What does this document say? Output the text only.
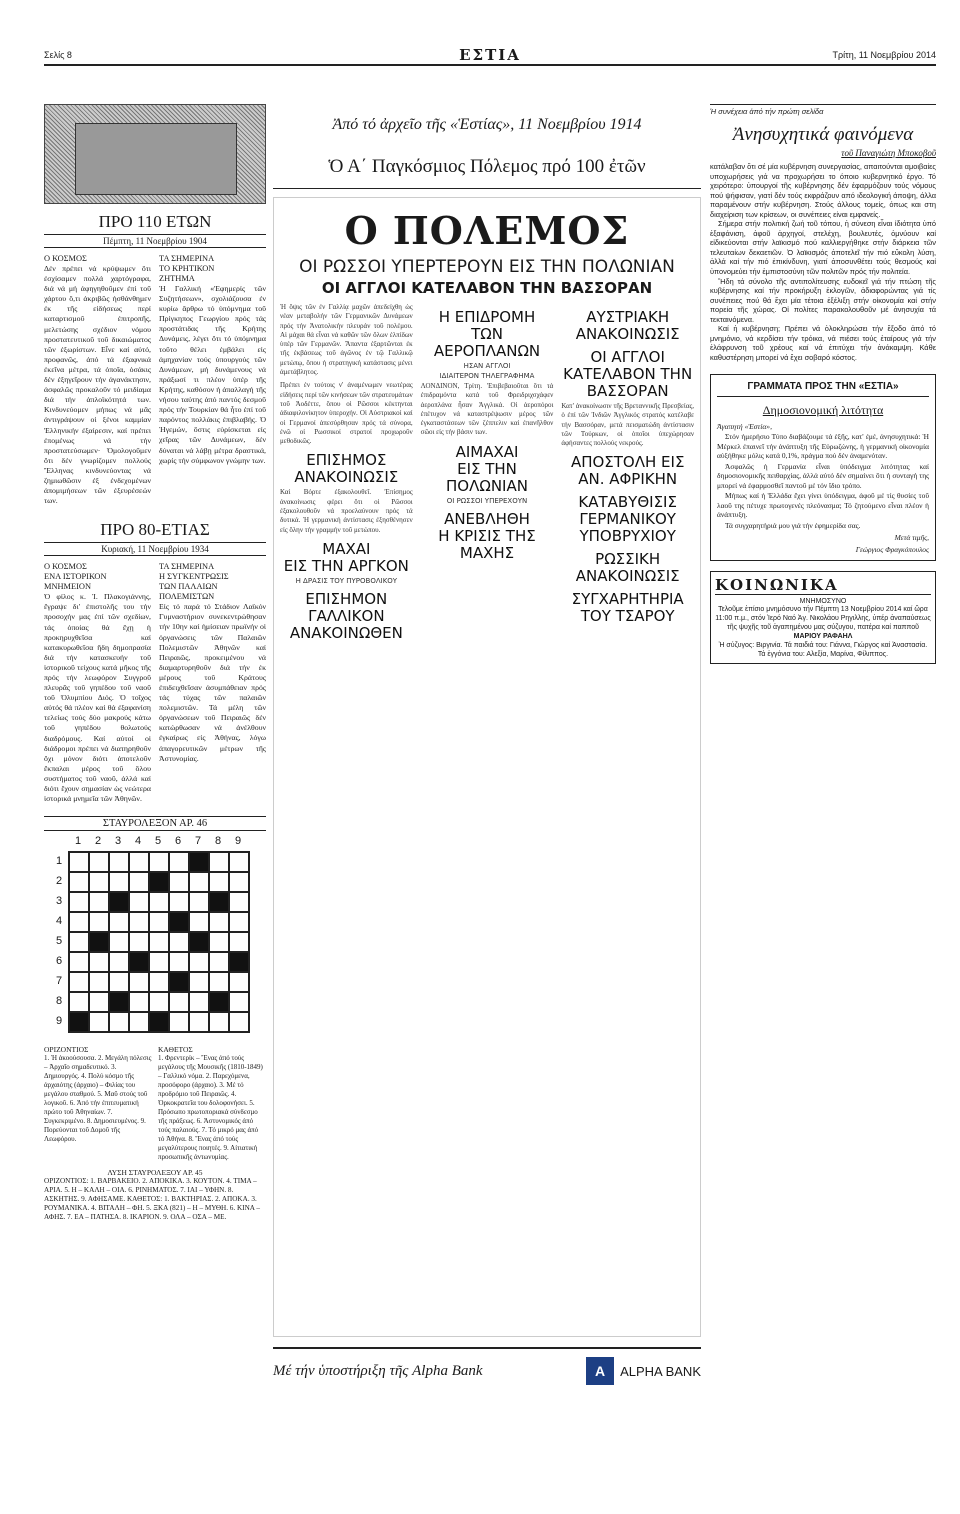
Σελίς 8	ΕΣΤΙΑ	Τρίτη, 11 Νοεμβρίου 2014
ΠΡΟ 110 ΕΤΩΝ
Πέμπτη, 11 Νοεμβρίου 1904
Ο ΚΟΣΜΟΣ

Δέν πρέπει νά κρύψωμεν ὅτι ἐσχίσαμεν πολλά χαρτόγραφα, διά νά μή ἀφηγηθοῦμεν ἐπί τοῦ χάρτου ὅ,τι ἀκριβῶς ἠσθάνθημεν ἐκ τῆς εἰδήσεως περί καταρτισμοῦ ἐπιτροπῆς, μελετώσης σχέδιον νόμου προστατευτικοῦ τοῦ δικαιώματος τῶν ἐξωρίστων. Εἶνε καί αὐτό, προφανῶς, ἀπό τά ἐξαφνικά ἐκεῖνα μέτρα, τά ὁποῖα, ὁσάκις δέν ἐξηγεῖρουν τήν ἀγανάκτησιν, ἀσφαλῶς προκαλοῦν τό μειδίαμα διά τήν ἀπλοϊκότητά των. Κινδυνεύομεν μήπως νά μᾶς ἀντιγράψουν οἱ ξένοι καμμίαν Ἑλληνικήν ἐξαίρεσιν, καί πρέπει ἐπομένως νά τήν προστατεύσωμεν· Ὁμολογοῦμεν ὅτι δέν γνωρίζομεν πολλούς Ἕλληνας κινδυνεύοντας νά ζημιωθῶσιν ἐξ ἐνδεχομένων ἀπομιμήσεων τῶν ἐξευρέσεών των.

ΤΑ ΣΗΜΕΡΙΝΑ
ΤΟ ΚΡΗΤΙΚΟΝ
ΖΗΤΗΜΑ

Ἡ Γαλλική «Ἐφημερίς τῶν Συζητήσεων», σχολιάζουσα ἐν κυρίω ἄρθρω τό ὑπόμνημα τοῦ Πρίγκηπος Γεωργίου πρός τάς προστάτιδας τῆς Κρήτης Δυνάμεις, λέγει ὅτι τό ὑπόμνημα τοῦτο θέλει ἐμβάλει εἰς ἀμηχανίαν τούς ὑπουργούς τῶν Δυνάμεων, μή δυνάμενους νά πράξωσί τι πλέον ὑπέρ τῆς Κρήτης, καθόσον ἡ ἀπαλλαγή τῆς νήσου ταύτης ἀπό παντός δεσμοῦ πρός τήν Τουρκίαν θά ἦτο ἐπί τοῦ παρόντος πολλάκις ἐπιβλαβής. Ὁ Ἡγεμών, ὅστις εὑρίσκεται εἰς χεῖρας τῶν Δυνάμεων, δέν δύναται νά λάβῃ μέτρα δραστικά, χωρίς τήν σύμφωνον γνώμην των.

ΠΡΟ 80-ΕΤΙΑΣ
Κυριακή, 11 Νοεμβρίου 1934
Ο ΚΟΣΜΟΣ
ΕΝΑ ΙΣΤΟΡΙΚΟΝ
ΜΝΗΜΕΙΟΝ

Ὁ φίλος κ. Ἰ. Πλακογιάννης, ἔγραψε δι' ἐπιστολῆς του τήν προσοχήν μας ἐπί τῶν σχεδίων, τάς ὁποίας θά ἔχῃ ἡ προκηρυχθεῖσα καί κατακυρωθεῖσα ἤδη δημοπρασία διά τήν κατασκευήν τοῦ ἱστορικοῦ τείχους κατά μῆκος τῆς πρός τήν λεωφόρον Συγγροῦ πλευρᾶς τοῦ γηπέδου τοῦ ναοῦ τοῦ Ὀλυμπίου Διός. Ὁ τοῖχος αὐτός θά πλέον καί θά ἐξαφανίση τελείως τούς δύο μακρούς κάτω τοῦ γηπέδου θολωτούς διαδρόμους. Καί αὐτοί οἱ διάδρομοι πρέπει νά διατηρηθοῦν ὄχι μόνον διότι ἀποτελοῦν ἔκπαλαι μέρος τοῦ ὅλου συστήματος τοῦ ναοῦ, ἀλλά καί διότι ἔχουν σημασίαν ὡς νεώτερα ἱστορικά μνημεῖα τῶν Ἀθηνῶν.

ΤΑ ΣΗΜΕΡΙΝΑ
Η ΣΥΓΚΕΝΤΡΩΣΙΣ
ΤΩΝ ΠΑΛΑΙΩΝ
ΠΟΛΕΜΙΣΤΩΝ

Εἰς τό παρά τό Στάδιον Λαϊκόν Γυμναστήριον συνεκεντρώθησαν τήν 10ην καί ἡμίσειαν πρωϊνήν οἱ ὀργανώσεις τῶν Παλαιῶν Πολεμιστῶν Ἀθηνῶν καί Πειραιῶς, προκειμένου νά διαμαρτυρηθοῦν διά τήν ἐκ μέρους τοῦ Κράτους ἐπιδειχθεῖσαν ἀσυμπάθειαν πρός τάς τύχας τῶν παλαιῶν πολεμιστῶν. Τά μέλη τῶν ὀργανώσεων τοῦ Πειραιῶς δέν κατώρθωσαν νά ἀνέλθουν ἐγκαίρως εἰς Ἀθήνας, λόγω ἀπαγορευτικῶν μέτρων τῆς Ἀστυνομίας.

ΣΤΑΥΡΟΛΕΞΟΝ ΑΡ. 46
1	2	3	4	5	6	7	8	9
1
2
3
4
5
6
7
8
9
ΟΡΙΖΟΝΤΙΟΣ

1. Ἡ ἀκοούσουσα. 2. Μεγάλη πόλεσις – Ἀρχαῖο σημαδευτικό. 3. Δημιουργός. 4. Πολύ κόσμο τῆς ἀρχαιότης (ἀρχαιο) – Φιλίας του μεγάλου σταθμού. 5. Μαῦ στούς τοῦ λογικοῦ. 6. Ἀπό τήν ἐπιτευματική πρώτο τοῦ Ἀθηναίων. 7. Συγκεκριμένο. 8. Δημοσιευμένος. 9. Πορεύονται τοῦ Δομοῦ τῆς Λεωφόρου.

ΚΑΘΕΤΟΣ

1. Φρεντερίκ – Ἔνας ἀπό τούς μεγάλους τῆς Μουσικῆς (1810-1849) – Γαλλικό νόμα. 2. Παρεχόμενα, προσόφορο (ἀρχαιο). 3. Μέ τό προδρόμιο τοῦ Πειραιῶς. 4. Ὁρκοκρατεῖα του δολοφονήσει. 5. Πρόσωπο πρωτοποριακά σύνδεσμο τῆς πράξεως. 6. Ἀστυνομικός ἀπό τούς παλαιούς. 7. Τό μικρό μας ἀπό τό Ἀθήνα. 8. Ἕνας ἀπό τούς μεγαλύτερους ποιητές. 9. Αἰτιατική προσωπικῆς ἀντωνυμίας.

ΛΥΣΗ ΣΤΑΥΡΟΛΕΞΟΥ ΑΡ. 45

ΟΡΙΖΟΝΤΙΟΣ: 1. ΒΑΡΒΑΚΕΙΟ. 2. ΑΠΟΚΙΚΑ. 3. ΚΟΥΤΟΝ. 4. ΤΙΜΑ – ΑΡΙΑ. 5. Η – ΚΑΛΗ – ΟΙΑ. 6. ΡΙΝΗΜΑΤΟΣ. 7. ΙΑΙ – ΥΦΗΝ. 8. ΑΣΚΗΤΗΣ. 9. ΑΦΗΣΑΜΕ. ΚΑΘΕΤΟΣ: 1. ΒΑΚΤΗΡΙΑΣ. 2. ΑΠΟΚΑ. 3. ΡΟΥΜΑΝΙΚΑ. 4. ΒΙΤΑΛΗ – ΦΗ. 5. ΞΚΑ (821) – Η – ΜΥΘΗ. 6. ΚΙΝΑ – ΑΦΗΣ. 7. ΕΑ – ΠΑΤΗΣΑ. 8. ΙΚΑΡΙΟΝ. 9. ΟΛΑ – ΟΣΑ – ΜΕ.

Ἀπό τό ἀρχεῖο τῆς «Ἑστίας», 11 Νοεμβρίου 1914
Ὁ Α΄ Παγκόσμιος Πόλεμος πρό 100 ἐτῶν
Ο ΠΟΛΕΜΟΣ
ΟΙ ΡΩΣΣΟΙ ΥΠΕΡΤΕΡΟΥΝ ΕΙΣ ΤΗΝ ΠΟΛΩΝΙΑΝ
ΟΙ ΑΓΓΛΟΙ ΚΑΤΕΛΑΒΟΝ ΤΗΝ ΒΑΣΣΟΡΑΝ

Ἡ ὄψις τῶν ἐν Γαλλίᾳ μαχῶν ἀπεδείχθη ὡς νέαν μεταβολήν τῶν Γερμανικῶν Δυνάμεων πρός τήν Ἀνατολικήν πλευράν τοῦ πολέμου. Αἱ μάχαι θά εἶναι νά καθῶν τῶν ὅλων ἐλπίδων ὑπέρ τῶν Γερμανῶν. Ἄπαντα ἐξαρτῶνται ἐκ τῆς ἐκβάσεως τοῦ ἀγῶνος ἐν τῷ Γαλλικῷ μετώπῳ, ὅπου ἡ στρατηγική κατάστασις μένει ἀμετάβλητος.

Πρέπει ἐν τούτοις ν' ἀναμένωμεν νεωτέρας εἰδήσεις περί τῶν κινήσεων τῶν στρατευμάτων τοῦ Ἀοδέττε, ὅπου οἱ Ρῶσσοι κέκτηνται ἀδιαφιλονίκητον ὑπεροχήν. Οἱ Αὐστριακοί καί οἱ Γερμανοί ἀπεσύρθησαν πρός τά σύνορα, ἐνῶ οἱ Ρωσσικοί στρατοί προχωροῦν μεθοδικῶς.

ΕΠΙΣΗΜΟΣ ΑΝΑΚΟΙΝΩΣΙΣ

Καί Βόρτε ἐξακολουθεῖ. Ἐπίσημος ἀνακοίνωσις φέρει ὅτι οἱ Ρῶσσοι ἐξακολουθοῦν νά προελαύνουν πρός τά δυτικά. Ἡ γερμανική ἀντίστασις ἐξησθένησεν εἰς ὅλην τήν γραμμήν τοῦ μετώπου.

ΜΑΧΑΙ
ΕΙΣ ΤΗΝ ΑΡΓΚΟΝ
Η ΔΡΑΣΙΣ ΤΟΥ ΠΥΡΟΒΟΛΙΚΟΥ
ΕΠΙΣΗΜΟΝ
ΓΑΛΛΙΚΟΝ ΑΝΑΚΟΙΝΩΘΕΝ
Η ΕΠΙΔΡΟΜΗ
ΤΩΝ ΑΕΡΟΠΛΑΝΩΝ
ΗΣΑΝ ΑΓΓΛΟΙ
ΙΔΙΑΙΤΕΡΟΝ ΤΗΛΕΓΡΑΦΗΜΑ

ΛΟΝΔΙΝΟΝ, Τρίτη. Ἐπιβεβαιοῦται ὅτι τά ἐπιδραμόντα κατά τοῦ Φρειδριχσχάφεν ἀεροπλάνα ἦσαν Ἀγγλικά. Οἱ ἀεροπόροι ἐπέτυχον νά καταστρέψωσιν μέρος τῶν ἐγκαταστάσεων τῶν ζέππελιν καί ἐπανῆλθον σῶοι εἰς τήν βάσιν των.

ΑΙΜΑΧΑΙ
ΕΙΣ ΤΗΝ ΠΟΛΩΝΙΑΝ
ΟΙ ΡΩΣΣΟΙ ΥΠΕΡΕΧΟΥΝ
ΑΝΕΒΛΗΘΗ
Η ΚΡΙΣΙΣ ΤΗΣ ΜΑΧΗΣ
ΑΥΣΤΡΙΑΚΗ ΑΝΑΚΟΙΝΩΣΙΣ
ΟΙ ΑΓΓΛΟΙ
ΚΑΤΕΛΑΒΟΝ ΤΗΝ ΒΑΣΣΟΡΑΝ

Κατ' ἀνακοίνωσιν τῆς Βρεταννικῆς Πρεσβείας, ὁ ἐπί τῶν Ἰνδιῶν Ἀγγλικός στρατός κατέλαβε τήν Βασσόραν, μετά πεισματώδη ἀντίστασιν τῶν Τούρκων, οἱ ὁποῖοι ὑπεχώρησαν ἀφήσαντες πολλούς νεκρούς.

ΑΠΟΣΤΟΛΗ ΕΙΣ ΑΝ. ΑΦΡΙΚΗΝ
ΚΑΤΑΒΥΘΙΣΙΣ
ΓΕΡΜΑΝΙΚΟΥ ΥΠΟΒΡΥΧΙΟΥ
ΡΩΣΣΙΚΗ ΑΝΑΚΟΙΝΩΣΙΣ
ΣΥΓΧΑΡΗΤΗΡΙΑ
ΤΟΥ ΤΣΑΡΟΥ
Μέ τήν ὑποστήριξη τῆς Alpha Bank	A	ALPHA BANK
Ἡ συνέχεια ἀπό τήν πρώτη σελίδα
Ἀνησυχητικά φαινόμενα
τοῦ Παναγιώτη Μποκοβοῦ

κατάλαβαν ὅτι σέ μία κυβέρνηση συνεργασίας, απαιτούνται αμοιβαίες υποχωρήσεις γιά να προχωρήσει το όποιο κυβερνητικό έργο. Τό χειρότερο: ὑπουργοί τῆς κυβέρνησης δέν έφαρμόζουν τούς νόμους πού ψήφισαν, γιατί δέν τούς εκφράζουν από ιδεολογική άποψη, άλλα παραμένουν στήν κυβέρνηση. Στούς άλλους τομείς, όπως και στη διαχείριση των κρίσεων, οι συνέπειες είναι εμφανείς.

Σήμερα στήν πολιτική ζωή τοῦ τόπου, ἡ σύνεση εἶναι ἰδιότητα ὑπό ἐξαφάνιση, ἀφοῦ ἀρχηγοί, στελέχη, βουλευτές, ὀμνύουν καί εἰδικεύονται στήν λαϊκισμό πού καλλιεργήθηκε στήν διάρκεια τῶν τελευταίων δεκαετιῶν. Ὁ λαϊκισμός ἀποτελεῖ τήν πιό εὔκολη λύση, ἀλλά καί τήν πιό ἐπικίνδυνη, γιατί ἀποσυνθέτει τούς θεσμούς καί ὑπονομεύει τήν ἐμπιστοσύνη τῶν πολιτῶν πρός τήν πολιτεία.

Ἤδη τά σύνολο τῆς αντιπολίτευσης ευδοκεῖ γιά τήν πτώση τῆς κυβέρνησης καί τήν προκήρυξη ἐκλογῶν, ἀδιαφορώντας γιά τίς συνέπειες πού θά ἔχει μία τέτοια ἐξέλιξη στήν οἰκονομία καί στήν πορεία τῆς χώρας. Οἱ πολίτες παρακολουθοῦν μέ ἀνησυχία τά τεκταινόμενα.

Καί ἡ κυβέρνηση; Πρέπει νά ὁλοκληρώσει τήν ἔξοδο ἀπό τό μνημόνιο, νά κερδίσει τήν τρόικα, νά πιέσει τούς ἑταίρους γιά τήν ἐλάφρυνση τοῦ χρέους καί νά ἐπιτύχει τήν ἀνάκαμψη. Κάθε καθυστέρηση μπορεί νά ἔχει σοβαρό κόστος.

ΓΡΑΜΜΑΤΑ ΠΡΟΣ ΤΗΝ «ΕΣΤΙΑ»
Δημοσιονομική λιτότητα
Ἀγαπητή «Ἑστία»,

Στόν ἡμερήσιο Τύπο διαβάζουμε τά ἑξῆς, κατ' ἐμέ, ἀνησυχητικά: Ἡ Μέρκελ ἐπαινεῖ τήν ἀνάπτυξη τῆς Εὐρωζώνης, ἡ γερμανική οἰκονομία αὐξήθηκε μόλις κατά 0,1%, πράγμα πού δέν ἀναμενόταν.

Ἀσφαλῶς ἡ Γερμανία εἶναι ὑπόδειγμα λιτότητας καί δημοσιονομικῆς πειθαρχίας, ἀλλά αὐτό δέν σημαίνει ὅτι ἡ συνταγή της μπορεί νά ἐφαρμοσθεῖ παντοῦ μέ τόν ἴδιο τρόπο.

Μήπως καί ἡ Ἑλλάδα ἔχει γίνει ὑπόδειγμα, ἀφοῦ μέ τίς θυσίες τοῦ λαοῦ της πέτυχε πρωτογενές πλεόνασμα; Τό ζητούμενο εἶναι πλέον ἡ ἀνάπτυξη.

Τά συγχαρητήριά μου γιά τήν ἐφημερίδα σας.

Μετά τιμῆς,
Γεώργιος Φραγκόπουλος
ΚΟΙΝΩΝΙΚΑ
ΜΝΗΜΟΣΥΝΟ
Τελοῦμε ἐπίσιο μνημόσυνο τήν Πέμπτη 13 Νοεμβρίου 2014 καί ὥρα 11:00 π.μ., στόν Ἱερό Ναό Ἁγ. Νικολάου Ρηγιλλης, ὑπέρ ἀναπαύσεως τῆς ψυχῆς τοῦ ἀγαπημένου μας σύζυγου, πατέρα καί παπποῦ
ΜΑΡΙΟΥ ΡΑΦΑΗΛ
Ἡ σύζυγος: Βιργινία. Τά παιδιά του: Γιάννα, Γιώργος καί Ἀναστασία. Τά ἐγγόνια του: Αλεξία, Μαρίνα, Φίλιππος.
